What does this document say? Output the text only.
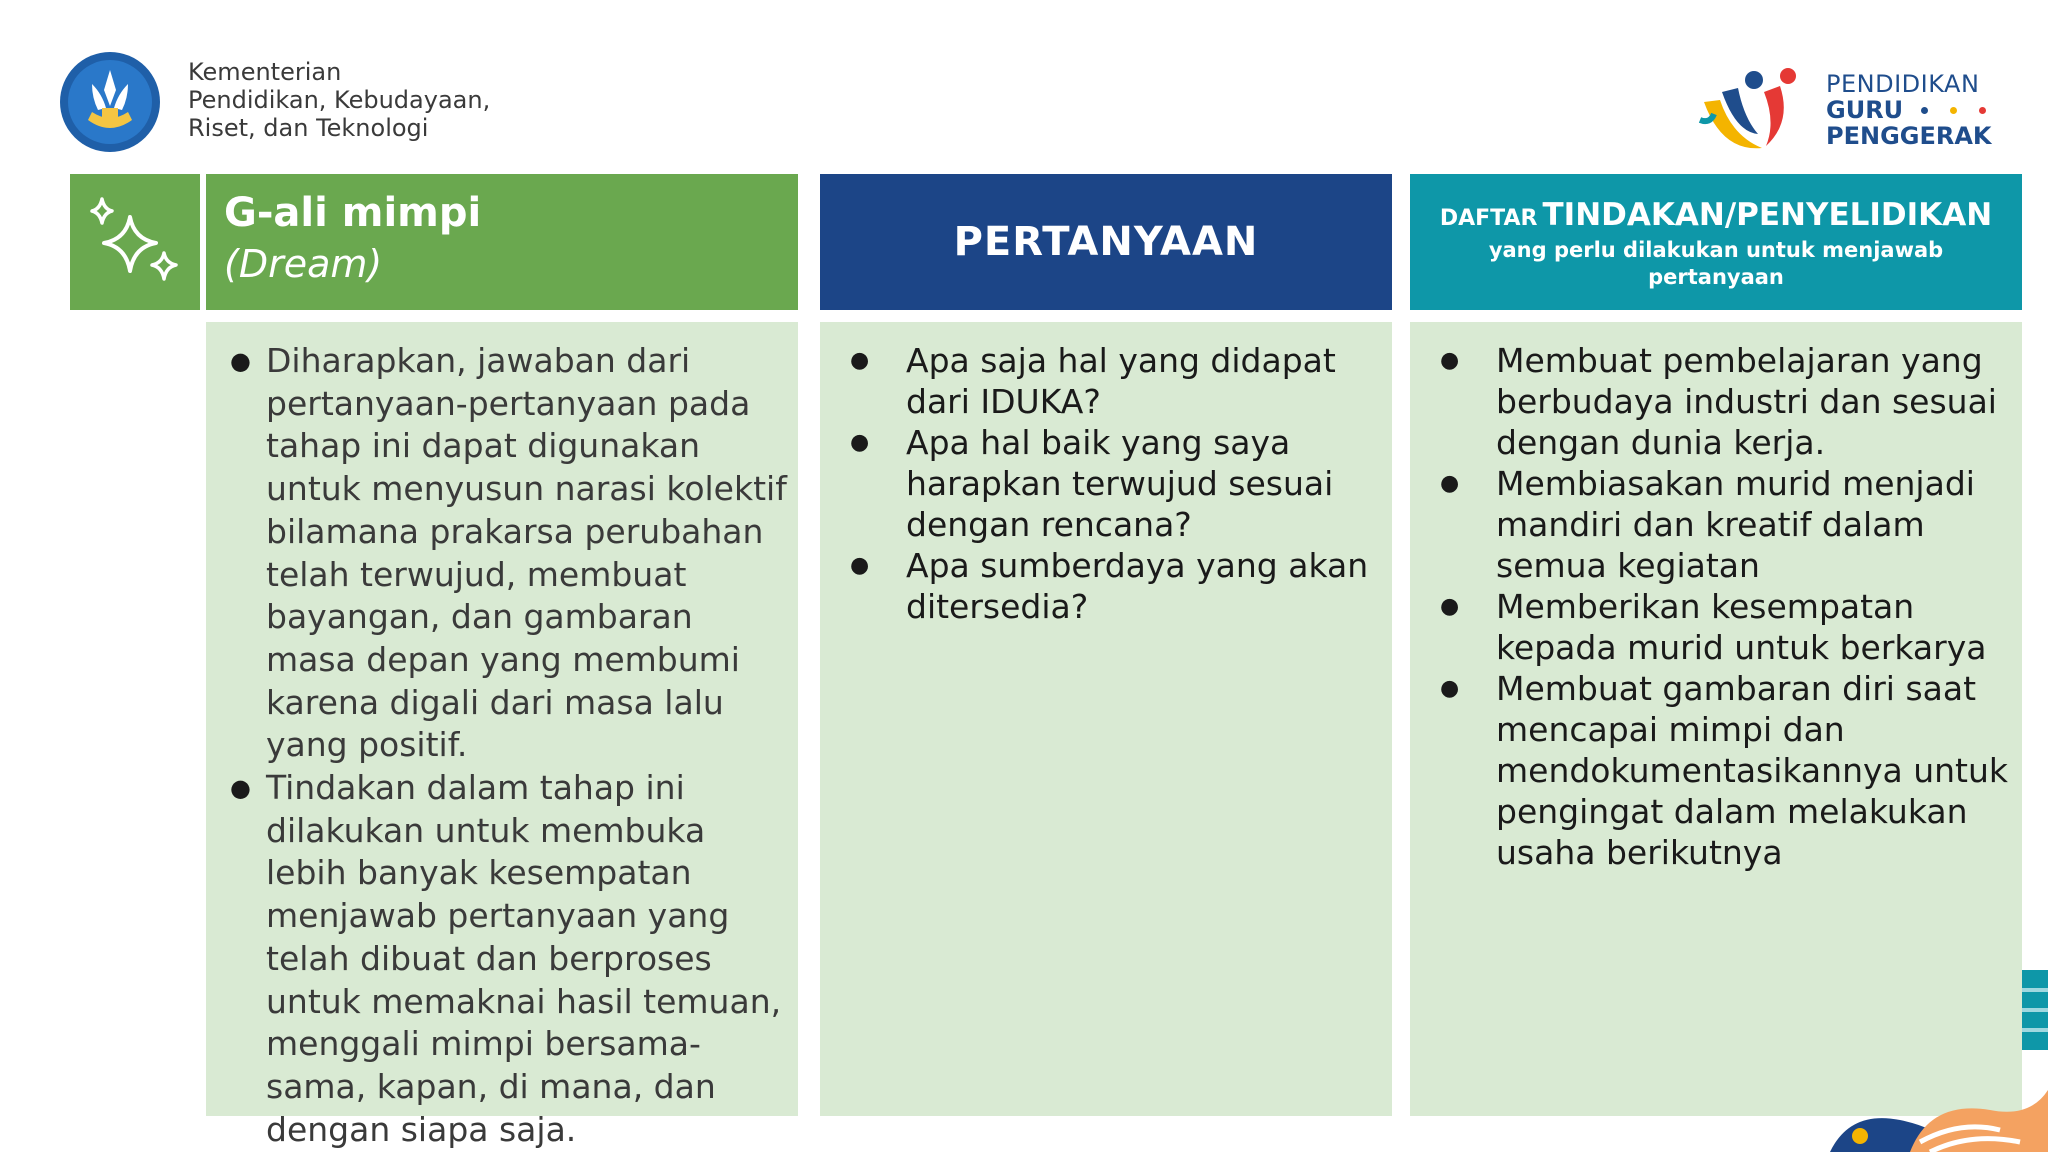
Kementerian
Pendidikan, Kebudayaan,
Riset, dan Teknologi
PENDIDIKAN
GURU
PENGGERAK
G-ali mimpi
(Dream)	PERTANYAAN
DAFTAR TINDAKAN/PENYELIDIKAN
yang perlu dilakukan untuk menjawab pertanyaan
● Diharapkan, jawaban dari pertanyaan-pertanyaan pada tahap ini dapat digunakan untuk menyusun narasi kolektif bilamana prakarsa perubahan telah terwujud, membuat bayangan, dan gambaran masa depan yang membumi karena digali dari masa lalu yang positif.
● Tindakan dalam tahap ini dilakukan untuk membuka lebih banyak kesempatan menjawab pertanyaan yang telah dibuat dan berproses untuk memaknai hasil temuan, menggali mimpi bersama-sama, kapan, di mana, dan dengan siapa saja.
● Apa saja hal yang didapat dari IDUKA?
● Apa hal baik yang saya harapkan terwujud sesuai dengan rencana?
● Apa sumberdaya yang akan ditersedia?
● Membuat pembelajaran yang berbudaya industri dan sesuai dengan dunia kerja.
● Membiasakan murid menjadi mandiri dan kreatif dalam semua kegiatan
● Memberikan kesempatan kepada murid untuk berkarya
● Membuat gambaran diri saat mencapai mimpi dan mendokumentasikannya untuk pengingat dalam melakukan usaha berikutnya
